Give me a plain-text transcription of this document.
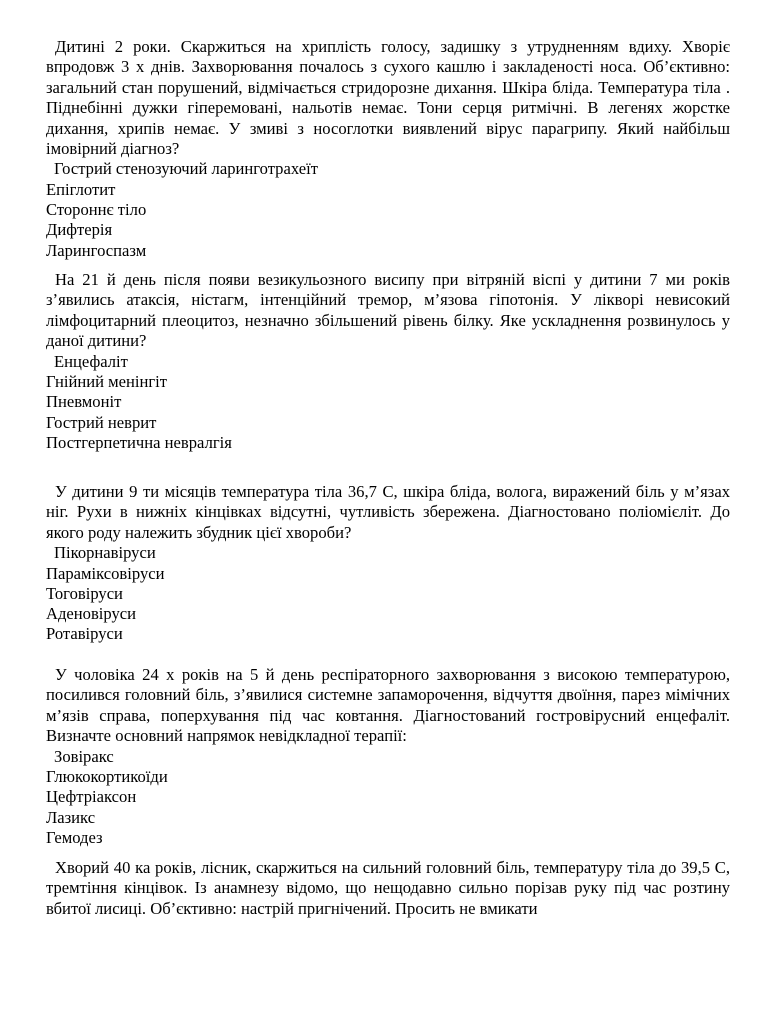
Дитині 2 роки. Скаржиться на хриплість голосу, задишку з утрудненням вдиху. Хворіє впродовж 3 х днів. Захворювання почалось з сухого кашлю і закладеності носа. Об’єктивно: загальний стан порушений, відмічається стридорозне дихання. Шкіра бліда. Температура тіла . Піднебінні дужки гіперемовані, нальотів немає. Тони серця ритмічні. В легенях жорстке дихання, хрипів немає. У змиві з носоглотки виявлений вірус парагрипу. Який найбільш імовірний діагноз?

Гострий стенозуючий ларинготрахеїт
Епіглотит
Стороннє тіло
Дифтерія
Ларингоспазм

На 21 й день після появи везикульозного висипу при вітряній віспі у дитини 7 ми років з’явились атаксія, ністагм, інтенційний тремор, м’язова гіпотонія. У ліквoрі невисокий лімфоцитарний плеоцитоз, незначно збільшений рівень білку. Яке ускладнення розвинулось у даної дитини?

Енцефаліт
Гнійний менінгіт
Пневмоніт
Гострий неврит
Постгерпетична невралгія

У дитини 9 ти місяців температура тіла 36,7 С, шкіра бліда, волога, виражений біль у м’язах ніг. Рухи в нижніх кінцівках відсутні, чутливість збережена. Діагностовано поліомієліт. До якого роду належить збудник цієї хвороби?

Пікорнавіруси
Параміксовіруси
Тоговіруси
Аденовіруси
Ротавіруси

У чоловіка 24 х років на 5 й день респіраторного захворювання з високою температурою, посилився головний біль, з’явилися системне запаморочення, відчуття двоїння, парез мімічних м’язів справа, поперхування під час ковтання. Діагностований гостровірусний енцефаліт. Визначте основний напрямок невідкладної терапії:

Зовіракс
Глюкокортикоїди
Цефтріаксон
Лазикс
Гемодез

Хворий 40 ка років, лісник, скаржиться на сильний головний біль, температуру тіла до 39,5 С, тремтіння кінцівок. Із анамнезу відомо, що нещодавно сильно порізав руку під час розтину вбитої лисиці. Об’єктивно: настрій пригнічений. Просить не вмикати
